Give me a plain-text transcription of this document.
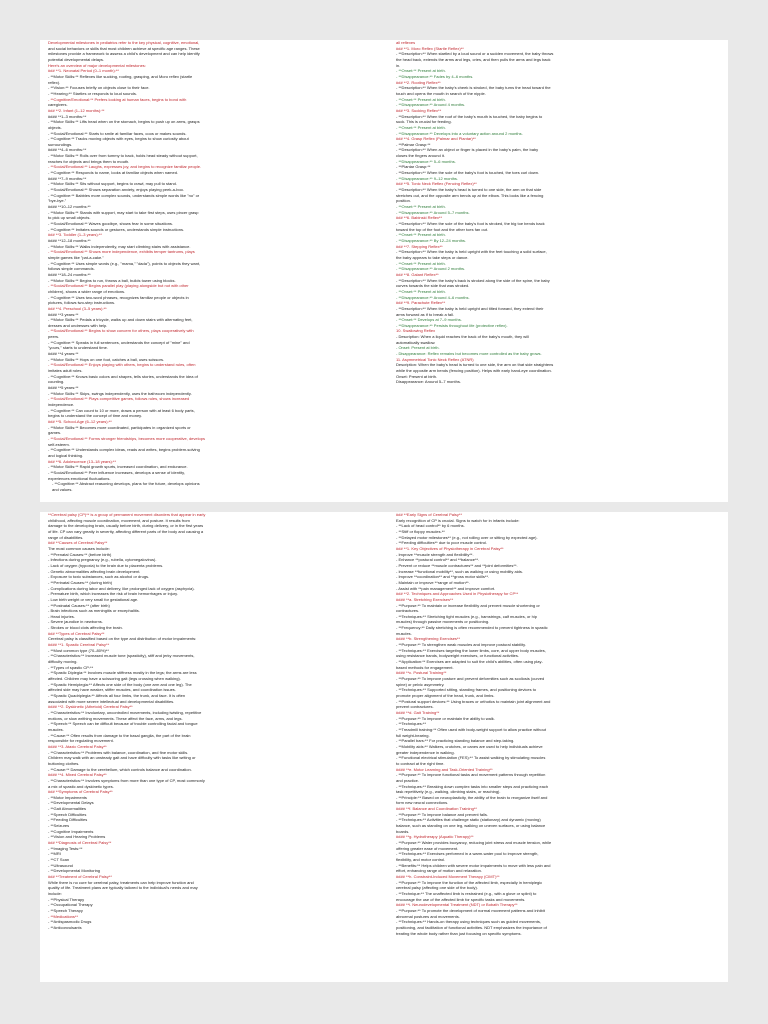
Developmental milestones in pediatrics refer to the key physical, cognitive, emotional,
and social behaviors or skills that most children achieve at specific age ranges. These
milestones provide a framework to assess a child's development and can help identify
potential developmental delays.
Here's an overview of major developmental milestones:
### **1. Neonatal Period (0–1 month):**
- **Motor Skills:** Reflexes like sucking, rooting, grasping, and Moro reflex (startle
reflex).
- **Vision:** Focuses briefly on objects close to their face.
- **Hearing:** Startles or responds to loud sounds.
- **Cognitive/Emotional:** Prefers looking at human faces, begins to bond with
caregivers.
### **2. Infant (1–12 months):**
#### **1–3 months:**
- **Motor Skills:** Lifts head when on the stomach, begins to push up on arms, grasps
objects.
- **Social/Emotional:** Starts to smile at familiar faces, coos or makes sounds.
- **Cognitive:** Tracks moving objects with eyes, begins to show curiosity about
surroundings.
#### **4–6 months:**
- **Motor Skills:** Rolls over from tummy to back, holds head steady without support,
reaches for objects and brings them to mouth.
- **Social/Emotional:** Laughs, expresses joy, and begins to recognize familiar people.
- **Cognitive:** Responds to name, looks at familiar objects when named.
#### **7–9 months:**
- **Motor Skills:** Sits without support, begins to crawl, may pull to stand.
- **Social/Emotional:** Shows separation anxiety, enjoys playing peek-a-boo.
- **Cognitive:** Babbles more complex sounds, understands simple words like "no" or
"bye-bye."
#### **10–12 months:**
- **Motor Skills:** Stands with support, may start to take first steps, uses pincer grasp
to pick up small objects.
- **Social/Emotional:** Waves goodbye, shows fear in some situations.
- **Cognitive:** Imitates sounds or gestures, understands simple instructions.
### **3. Toddler (1–3 years):**
#### **12–18 months:**
- **Motor Skills:** Walks independently, may start climbing stairs with assistance.
- **Social/Emotional:** Shows more independence, exhibits temper tantrums, plays
simple games like "pat-a-cake."
- **Cognitive:** Uses simple words (e.g., "mama," "dada"), points to objects they want,
follows simple commands.
#### **18–24 months:**
- **Motor Skills:** Begins to run, throws a ball, builds tower using blocks.
- **Social/Emotional:** Begins parallel play (playing alongside but not with other
children), shows a wider range of emotions.
- **Cognitive:** Uses two-word phrases, recognizes familiar people or objects in
pictures, follows two-step instructions.
### **4. Preschool (3–5 years):**
#### **3 years:**
- **Motor Skills:** Pedals a tricycle, walks up and down stairs with alternating feet,
dresses and undresses with help.
- **Social/Emotional:** Begins to show concern for others, plays cooperatively with
peers.
- **Cognitive:** Speaks in full sentences, understands the concept of "mine" and
"yours," starts to understand time.
#### **4 years:**
- **Motor Skills:** Hops on one foot, catches a ball, uses scissors.
- **Social/Emotional:** Enjoys playing with others, begins to understand rules, often
imitates adult roles.
- **Cognitive:** Knows basic colors and shapes, tells stories, understands the idea of
counting.
#### **5 years:**
- **Motor Skills:** Skips, swings independently, uses the bathroom independently.
- **Social/Emotional:** Plays competitive games, follows rules, shows increased
independence.
- **Cognitive:** Can count to 10 or more, draws a person with at least 6 body parts,
begins to understand the concept of time and money.
### **5. School-Age (6–12 years):**
- **Motor Skills:** Becomes more coordinated, participates in organized sports or
games.
- **Social/Emotional:** Forms stronger friendships, becomes more cooperative, develops
self-esteem.
- **Cognitive:** Understands complex ideas, reads and writes, begins problem-solving
and logical thinking.
### **6. Adolescence (13–18 years):**
- **Motor Skills:** Rapid growth spurts, increased coordination, and endurance.
- **Social/Emotional:** Peer influence increases, develops a sense of identity,
experiences emotional fluctuations.
- **Cognitive:** Abstract reasoning develops, plans for the future, develops opinions
and values.
all reflexes
### **1. Moro Reflex (Startle Reflex)**
- **Description:** When startled by a loud sound or a sudden movement, the baby throws
the head back, extends the arms and legs, cries, and then pulls the arms and legs back
in.
- **Onset:** Present at birth.
- **Disappearance:** Fades by 4–6 months.
### **2. Rooting Reflex**
- **Description:** When the baby's cheek is stroked, the baby turns the head toward the
touch and opens the mouth in search of the nipple.
- **Onset:** Present at birth.
- **Disappearance:** Around 4 months.
### **3. Sucking Reflex**
- **Description:** When the roof of the baby's mouth is touched, the baby begins to
suck. This is crucial for feeding.
- **Onset:** Present at birth.
- **Disappearance:** Develops into a voluntary action around 2 months.
### **4. Grasp Reflex (Palmar and Plantar)**
- **Palmar Grasp:**
- **Description:** When an object or finger is placed in the baby's palm, the baby
closes the fingers around it.
- **Disappearance:** 5–6 months.
- **Plantar Grasp:**
- **Description:** When the sole of the baby's foot is touched, the toes curl down.
- **Disappearance:** 9–12 months.
### **5. Tonic Neck Reflex (Fencing Reflex)**
- **Description:** When the baby's head is turned to one side, the arm on that side
stretches out, and the opposite arm bends up at the elbow. This looks like a fencing
position.
- **Onset:** Present at birth.
- **Disappearance:** Around 5–7 months.
### **6. Babinski Reflex**
- **Description:** When the sole of the baby's foot is stroked, the big toe bends back
toward the top of the foot and the other toes fan out.
- **Onset:** Present at birth.
- **Disappearance:** By 12–24 months.
### **7. Stepping Reflex**
- **Description:** When the baby is held upright with the feet touching a solid surface,
the baby appears to take steps or dance.
- **Onset:** Present at birth.
- **Disappearance:** Around 2 months.
### **8. Galant Reflex**
- **Description:** When the baby's back is stroked along the side of the spine, the baby
curves towards the side that was stroked.
- **Onset:** Present at birth.
- **Disappearance:** Around 4–6 months.
### **9. Parachute Reflex**
- **Description:** When the baby is held upright and tilted forward, they extend their
arms forward as if to break a fall.
- **Onset:** Develops at 7–9 months.
- **Disappearance:** Persists throughout life (protective reflex).
10. Swallowing Reflex
- Description: When a liquid reaches the back of the baby's mouth, they will
automatically swallow.
- Onset: Present at birth.
- Disappearance: Reflex remains but becomes more controlled as the baby grows.
11. Asymmetrical Tonic Neck Reflex (ATNR)
Description: When the baby's head is turned to one side, the arm on that side straightens
while the opposite arm bends (fencing position). Helps with early hand-eye coordination.
Onset: Present at birth.
Disappearance: Around 5–7 months.
**Cerebral palsy (CP)** is a group of permanent movement disorders that appear in early
childhood, affecting muscle coordination, movement, and posture. It results from
damage to the developing brain, usually before birth, during delivery, or in the first years
of life. CP can vary greatly in severity, affecting different parts of the body and causing a
range of disabilities.
### **Causes of Cerebral Palsy**
The most common causes include:
- **Prenatal Causes:** (before birth)
- Infections during pregnancy (e.g., rubella, cytomegalovirus).
- Lack of oxygen (hypoxia) to the brain due to placenta problems.
- Genetic abnormalities affecting brain development.
- Exposure to toxic substances, such as alcohol or drugs.
- **Perinatal Causes:** (during birth)
- Complications during labor and delivery, like prolonged lack of oxygen (asphyxia).
- Premature birth, which increases the risk of brain hemorrhages or injury.
- Low birth weight or very small for gestational age.
- **Postnatal Causes:** (after birth)
- Brain infections such as meningitis or encephalitis.
- Head injuries.
- Severe jaundice in newborns.
- Strokes or blood clots affecting the brain.
### **Types of Cerebral Palsy**
Cerebral palsy is classified based on the type and distribution of motor impairments:
#### **1. Spastic Cerebral Palsy**
- **Most common type (70–80%)**
- **Characteristics:** Increased muscle tone (spasticity), stiff and jerky movements,
difficulty moving.
- **Types of spastic CP:**
- **Spastic Diplegia:** Involves muscle stiffness mostly in the legs; the arms are less
affected. Children may have a scissoring gait (legs crossing when walking).
- **Spastic Hemiplegia:** Affects one side of the body (one arm and one leg). The
affected side may have weaker, stiffer muscles, and coordination issues.
- **Spastic Quadriplegia:** Affects all four limbs, the trunk, and face. It is often
associated with more severe intellectual and developmental disabilities.
#### **2. Dyskinetic (Athetoid) Cerebral Palsy**
- **Characteristics:** Involuntary, uncontrolled movements, including twisting, repetitive
motions, or slow writhing movements. These affect the face, arms, and legs.
- **Speech:** Speech can be difficult because of trouble controlling facial and tongue
muscles.
- **Cause:** Often results from damage to the basal ganglia, the part of the brain
responsible for regulating movement.
#### **3. Ataxic Cerebral Palsy**
- **Characteristics:** Problems with balance, coordination, and fine motor skills.
Children may walk with an unsteady gait and have difficulty with tasks like writing or
buttoning clothes.
- **Cause:** Damage to the cerebellum, which controls balance and coordination.
#### **4. Mixed Cerebral Palsy**
- **Characteristics:** Involves symptoms from more than one type of CP, most commonly
a mix of spastic and dyskinetic types.
### **Symptoms of Cerebral Palsy**
- **Motor Impairments
- **Developmental Delays
- **Gait Abnormalities
- **Speech Difficulties
- **Feeding Difficulties
- **Seizures
- **Cognitive Impairments
- **Vision and Hearing Problems
### **Diagnosis of Cerebral Palsy**
- **Imaging Tests:**
- **MRI
- **CT Scan
- **Ultrasound
- **Developmental Monitoring
### **Treatment of Cerebral Palsy**
While there is no cure for cerebral palsy, treatments can help improve function and
quality of life. Treatment plans are typically tailored to the individual's needs and may
include:
- **Physical Therapy
- **Occupational Therapy
- **Speech Therapy
- **Medications**
- **Antispasmodic Drugs
- **Anticonvulsants
### **Early Signs of Cerebral Palsy**
Early recognition of CP is crucial. Signs to watch for in infants include:
- **Lack of head control** by 6 months.
- **Stiff or floppy muscles.**
- **Delayed motor milestones** (e.g., not rolling over or sitting by expected age).
- **Feeding difficulties** due to poor muscle control.
### **1. Key Objectives of Physiotherapy in Cerebral Palsy**
- Improve **muscle strength and flexibility**.
- Enhance **postural control** and **balance**.
- Prevent or reduce **muscle contractures** and **joint deformities**.
- Increase **functional mobility**, such as walking or using mobility aids.
- Improve **coordination** and **gross motor skills**.
- Maintain or improve **range of motion**.
- Assist with **pain management** and improve comfort.
### **2. Techniques and Approaches Used in Physiotherapy for CP**
#### **a. Stretching Exercises**
- **Purpose:** To maintain or increase flexibility and prevent muscle shortening or
contractures.
- **Techniques:** Stretching tight muscles (e.g., hamstrings, calf muscles, or hip
muscles) through passive movements or positioning.
- **Frequency:** Daily stretching is often recommended to prevent tightness in spastic
muscles.
#### **b. Strengthening Exercises**
- **Purpose:** To strengthen weak muscles and improve postural stability.
- **Techniques:** Exercises targeting the lower limbs, core, and upper body muscles,
using resistance bands, bodyweight exercises, or functional activities.
- **Application:** Exercises are adapted to suit the child's abilities, often using play-
based methods for engagement.
#### **c. Postural Training**
- **Purpose:** To improve posture and prevent deformities such as scoliosis (curved
spine) or pelvic asymmetry.
- **Techniques:** Supported sitting, standing frames, and positioning devices to
promote proper alignment of the head, trunk, and limbs.
- **Postural support devices:** Using braces or orthotics to maintain joint alignment and
prevent contractures.
#### **d. Gait Training**
- **Purpose:** To improve or maintain the ability to walk.
- **Techniques:**
- **Treadmill training:** Often used with body-weight support to allow practice without
full weight-bearing.
- **Parallel bars:** For practicing standing balance and step-taking.
- **Mobility aids:** Walkers, crutches, or canes are used to help individuals achieve
greater independence in walking.
- **Functional electrical stimulation (FES):** To assist walking by stimulating muscles
to contract at the right time.
#### **e. Motor Learning and Task-Oriented Training**
- **Purpose:** To improve functional tasks and movement patterns through repetition
and practice.
- **Techniques:** Breaking down complex tasks into smaller steps and practicing each
task repetitively (e.g., walking, climbing stairs, or reaching).
- **Principle:** Based on neuroplasticity, the ability of the brain to reorganize itself and
form new neural connections.
#### **f. Balance and Coordination Training**
- **Purpose:** To improve balance and prevent falls.
- **Techniques:** Activities that challenge static (stationary) and dynamic (moving)
balance, such as standing on one leg, walking on uneven surfaces, or using balance
boards.
#### **g. Hydrotherapy (Aquatic Therapy)**
- **Purpose:** Water provides buoyancy, reducing joint stress and muscle tension, while
offering greater ease of movement.
- **Techniques:** Exercises performed in a warm-water pool to improve strength,
flexibility, and motor control.
- **Benefits:** Helps children with severe motor impairments to move with less pain and
effort, enhancing range of motion and relaxation.
#### **h. Constraint-Induced Movement Therapy (CIMT)**
- **Purpose:** To improve the function of the affected limb, especially in hemiplegic
cerebral palsy (affecting one side of the body).
- **Technique:** The unaffected limb is restrained (e.g., with a glove or splint) to
encourage the use of the affected limb for specific tasks and movements.
#### **i. Neurodevelopmental Treatment (NDT) or Bobath Therapy**
- **Purpose:** To promote the development of normal movement patterns and inhibit
abnormal postures and movements.
- **Techniques:** Hands-on therapy using techniques such as guided movements,
positioning, and facilitation of functional activities. NDT emphasizes the importance of
treating the whole body rather than just focusing on specific symptoms.
